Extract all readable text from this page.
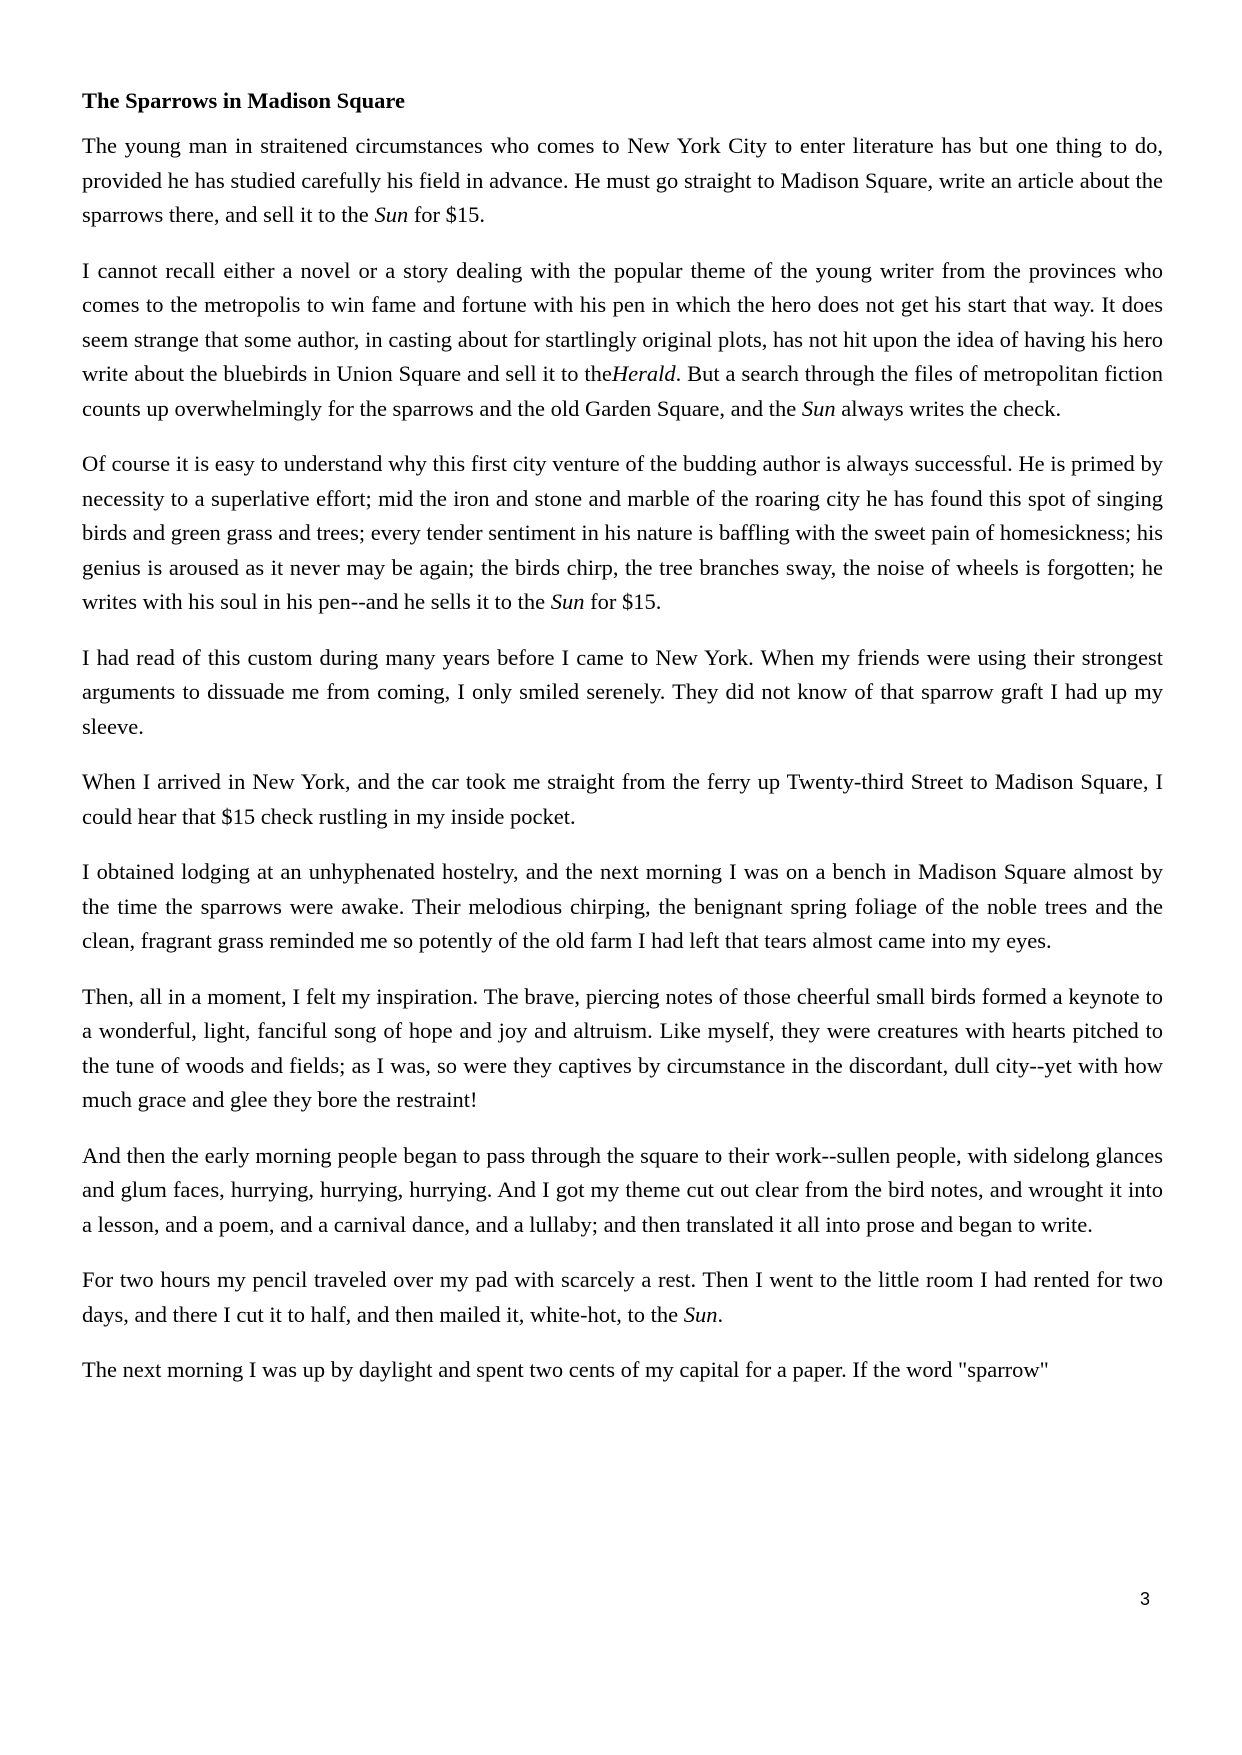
The Sparrows in Madison Square

The young man in straitened circumstances who comes to New York City to enter literature has but one thing to do, provided he has studied carefully his field in advance. He must go straight to Madison Square, write an article about the sparrows there, and sell it to the Sun for $15.

I cannot recall either a novel or a story dealing with the popular theme of the young writer from the provinces who comes to the metropolis to win fame and fortune with his pen in which the hero does not get his start that way. It does seem strange that some author, in casting about for startlingly original plots, has not hit upon the idea of having his hero write about the bluebirds in Union Square and sell it to theHerald. But a search through the files of metropolitan fiction counts up overwhelmingly for the sparrows and the old Garden Square, and the Sun always writes the check.

Of course it is easy to understand why this first city venture of the budding author is always successful. He is primed by necessity to a superlative effort; mid the iron and stone and marble of the roaring city he has found this spot of singing birds and green grass and trees; every tender sentiment in his nature is baffling with the sweet pain of homesickness; his genius is aroused as it never may be again; the birds chirp, the tree branches sway, the noise of wheels is forgotten; he writes with his soul in his pen--and he sells it to the Sun for $15.

I had read of this custom during many years before I came to New York. When my friends were using their strongest arguments to dissuade me from coming, I only smiled serenely. They did not know of that sparrow graft I had up my sleeve.

When I arrived in New York, and the car took me straight from the ferry up Twenty-third Street to Madison Square, I could hear that $15 check rustling in my inside pocket.

I obtained lodging at an unhyphenated hostelry, and the next morning I was on a bench in Madison Square almost by the time the sparrows were awake. Their melodious chirping, the benignant spring foliage of the noble trees and the clean, fragrant grass reminded me so potently of the old farm I had left that tears almost came into my eyes.

Then, all in a moment, I felt my inspiration. The brave, piercing notes of those cheerful small birds formed a keynote to a wonderful, light, fanciful song of hope and joy and altruism. Like myself, they were creatures with hearts pitched to the tune of woods and fields; as I was, so were they captives by circumstance in the discordant, dull city--yet with how much grace and glee they bore the restraint!

And then the early morning people began to pass through the square to their work--sullen people, with sidelong glances and glum faces, hurrying, hurrying, hurrying. And I got my theme cut out clear from the bird notes, and wrought it into a lesson, and a poem, and a carnival dance, and a lullaby; and then translated it all into prose and began to write.

For two hours my pencil traveled over my pad with scarcely a rest. Then I went to the little room I had rented for two days, and there I cut it to half, and then mailed it, white-hot, to the Sun.

The next morning I was up by daylight and spent two cents of my capital for a paper. If the word "sparrow"

3
